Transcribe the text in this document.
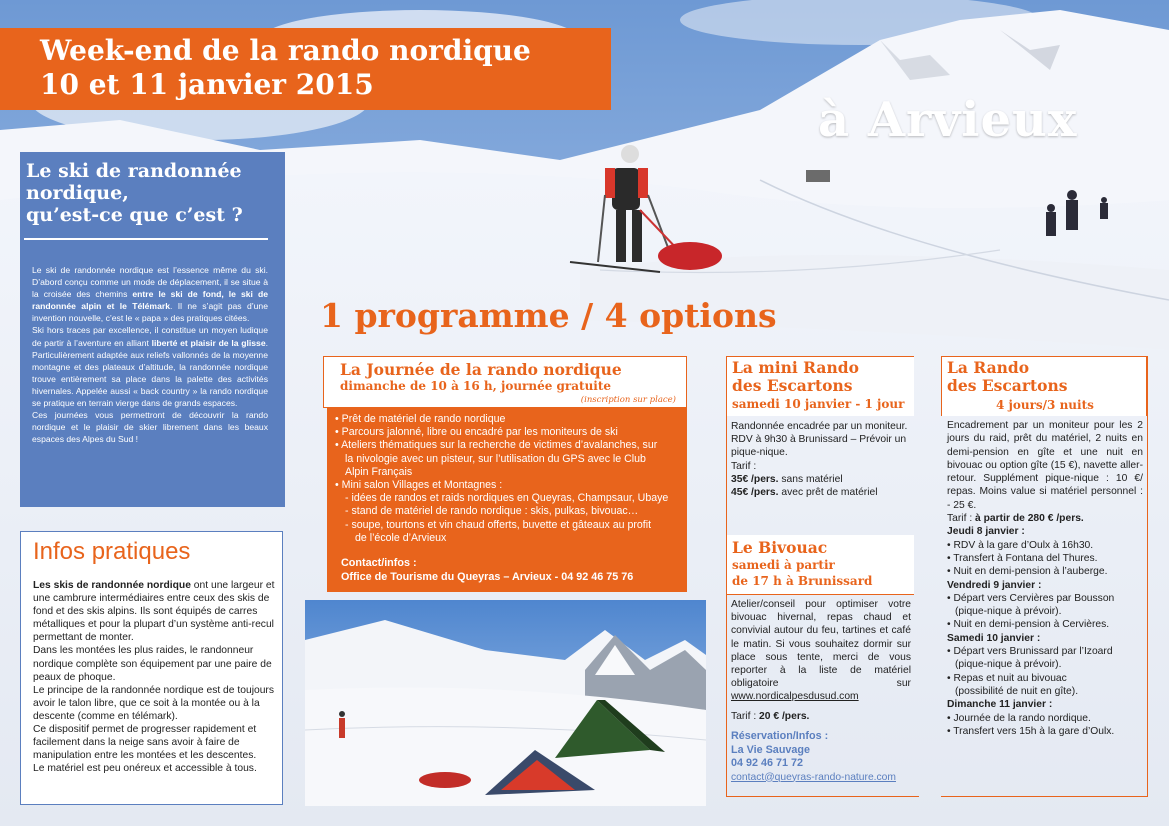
Week-end de la rando nordique
10 et 11 janvier 2015
à Arvieux
Le ski de randonnée
nordique,
qu’est-ce que c’est ?
Le ski de randonnée nordique est l’essence même du ski. D’abord conçu comme un mode de déplacement, il se situe à la croisée des chemins entre le ski de fond, le ski de randonnée alpin et le Télémark. Il ne s’agit pas d’une invention nouvelle, c’est le « papa » des pratiques citées.
Ski hors traces par excellence, il constitue un moyen ludique de partir à l’aventure en alliant liberté et plaisir de la glisse. Particulièrement adaptée aux reliefs vallonnés de la moyenne montagne et des plateaux d’altitude, la randonnée nordique trouve entièrement sa place dans la palette des activités hivernales. Appelée aussi « back country » la rando nordique se pratique en terrain vierge dans de grands espaces.
Ces journées vous permettront de découvrir la rando nordique et le plaisir de skier librement dans les beaux espaces des Alpes du Sud !
Infos pratiques
Les skis de randonnée nordique ont une largeur et une cambrure intermédiaires entre ceux des skis de fond et des skis alpins. Ils sont équipés de carres métalliques et pour la plupart d’un système anti-recul permettant de monter.
Dans les montées les plus raides, le randonneur nordique complète son équipement par une paire de peaux de phoque.
Le principe de la randonnée nordique est de toujours avoir le talon libre, que ce soit à la montée ou à la descente (comme en télémark).
Ce dispositif permet de progresser rapidement et facilement dans la neige sans avoir à faire de manipulation entre les montées et les descentes.
Le matériel est peu onéreux et accessible à tous.
1 programme / 4 options
La Journée de la rando nordique
dimanche de 10 à 16 h, journée gratuite
(inscription sur place)
• Prêt de matériel de rando nordique
• Parcours jalonné, libre ou encadré par les moniteurs de ski
• Ateliers thématiques sur la recherche de victimes d’avalanches, sur
la nivologie avec un pisteur, sur l’utilisation du GPS avec le Club
Alpin Français
• Mini salon Villages et Montagnes :
- idées de randos et raids nordiques en Queyras, Champsaur, Ubaye
- stand de matériel de rando nordique : skis, pulkas, bivouac…
- soupe, tourtons et vin chaud offerts, buvette et gâteaux au profit
de l’école d’Arvieux
Contact/infos :
Office de Tourisme du Queyras – Arvieux - 04 92 46 75 76
La mini Rando
des Escartons
samedi 10 janvier - 1 jour
Randonnée encadrée par un moniteur. RDV à 9h30 à Brunissard – Prévoir un pique-nique.
Tarif :
35€ /pers. sans matériel
45€ /pers. avec prêt de matériel
Le Bivouac
samedi à partir
de 17 h à Brunissard
Atelier/conseil pour optimiser votre bivouac hivernal, repas chaud et convivial autour du feu, tartines et café le matin. Si vous souhaitez dormir sur place sous tente, merci de vous reporter à la liste de matériel obligatoire sur www.nordicalpesdusud.com
Tarif : 20 € /pers.
Réservation/Infos :
La Vie Sauvage
04 92 46 71 72
contact@queyras-rando-nature.com
La Rando
des Escartons
4 jours/3 nuits
Encadrement par un moniteur pour les 2 jours du raid, prêt du matériel, 2 nuits en demi-pension en gîte et une nuit en bivouac ou option gîte (15 €), navette aller-retour. Supplément pique-nique : 10 €/ repas. Moins value si matériel personnel : - 25 €.
Tarif : à partir de 280 € /pers.
Jeudi 8 janvier :
• RDV à la gare d’Oulx à 16h30.
• Transfert à Fontana del Thures.
• Nuit en demi-pension à l’auberge.
Vendredi 9 janvier :
• Départ vers Cervières par Bousson
(pique-nique à prévoir).
• Nuit en demi-pension à Cervières.
Samedi 10 janvier :
• Départ vers Brunissard par l’Izoard
(pique-nique à prévoir).
• Repas et nuit au bivouac
(possibilité de nuit en gîte).
Dimanche 11 janvier :
• Journée de la rando nordique.
• Transfert vers 15h à la gare d’Oulx.
